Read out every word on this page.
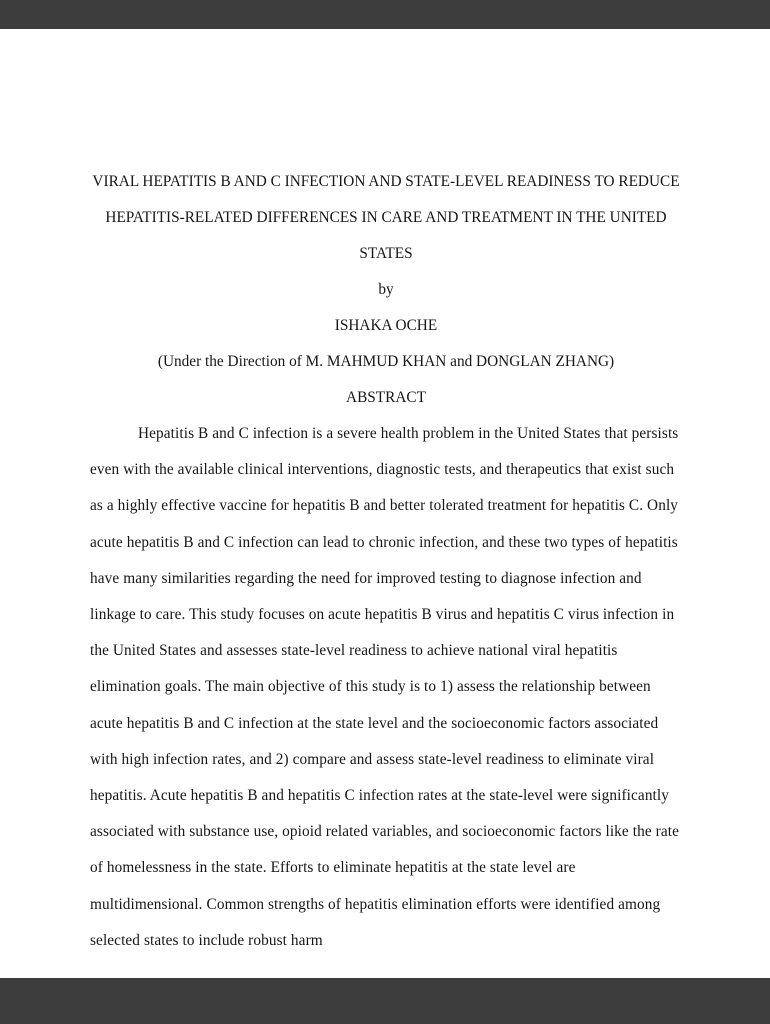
VIRAL HEPATITIS B AND C INFECTION AND STATE-LEVEL READINESS TO REDUCE
HEPATITIS-RELATED DIFFERENCES IN CARE AND TREATMENT IN THE UNITED
STATES
by
ISHAKA OCHE
(Under the Direction of M. MAHMUD KHAN and DONGLAN ZHANG)
ABSTRACT

Hepatitis B and C infection is a severe health problem in the United States that persists even with the available clinical interventions, diagnostic tests, and therapeutics that exist such as a highly effective vaccine for hepatitis B and better tolerated treatment for hepatitis C. Only acute hepatitis B and C infection can lead to chronic infection, and these two types of hepatitis have many similarities regarding the need for improved testing to diagnose infection and linkage to care. This study focuses on acute hepatitis B virus and hepatitis C virus infection in the United States and assesses state-level readiness to achieve national viral hepatitis elimination goals. The main objective of this study is to 1) assess the relationship between acute hepatitis B and C infection at the state level and the socioeconomic factors associated with high infection rates, and 2) compare and assess state-level readiness to eliminate viral hepatitis. Acute hepatitis B and hepatitis C infection rates at the state-level were significantly associated with substance use, opioid related variables, and socioeconomic factors like the rate of homelessness in the state. Efforts to eliminate hepatitis at the state level are multidimensional. Common strengths of hepatitis elimination efforts were identified among selected states to include robust harm
